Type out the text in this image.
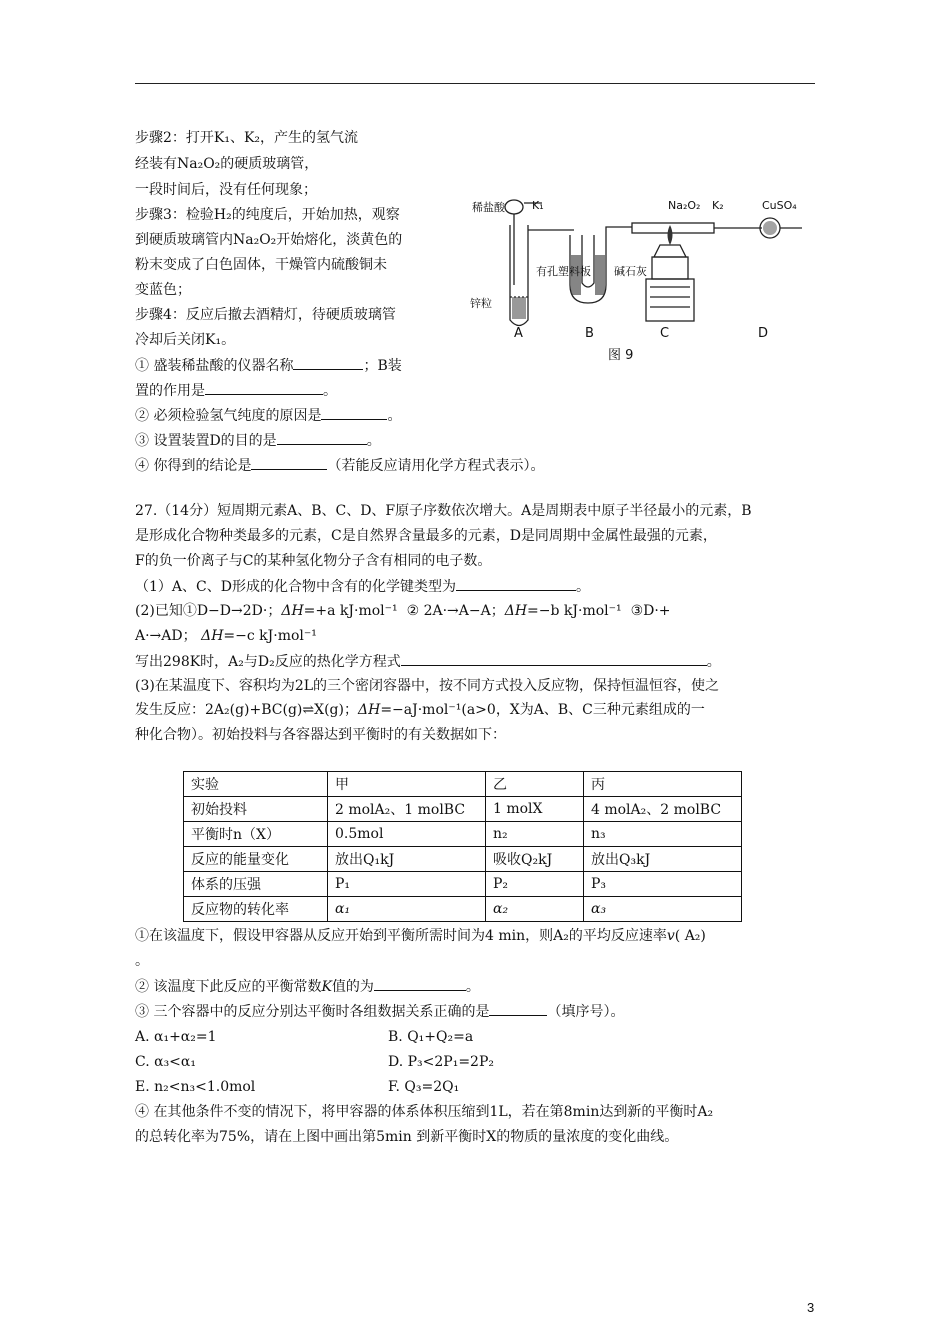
步骤2：打开K₁、K₂，产生的氢气流
经装有Na₂O₂的硬质玻璃管，
一段时间后，没有任何现象；
步骤3：检验H₂的纯度后，开始加热，观察
到硬质玻璃管内Na₂O₂开始熔化，淡黄色的
粉末变成了白色固体，干燥管内硫酸铜未
变蓝色；
步骤4：反应后撤去酒精灯，待硬质玻璃管
冷却后关闭K₁。
① 盛装稀盐酸的仪器名称	；B装
置的作用是	。
② 必须检验氢气纯度的原因是	。
③ 设置装置D的目的是	。
④ 你得到的结论是	（若能反应请用化学方程式表示）。
稀盐酸 K₁
锌粒
有孔塑料板 碱石灰
Na₂O₂ K₂	CuSO₄
A	B	C	D
图 9
27.（14分）短周期元素A、B、C、D、F原子序数依次增大。A是周期表中原子半径最小的元素，B
是形成化合物种类最多的元素，C是自然界含量最多的元素，D是同周期中金属性最强的元素，
F的负一价离子与C的某种氢化物分子含有相同的电子数。
（1）A、C、D形成的化合物中含有的化学键类型为	。
(2)已知①D−D→2D·；ΔH=+a kJ·mol⁻¹ ② 2A·→A−A；ΔH=−b kJ·mol⁻¹ ③D·+
A·→AD； ΔH=−c kJ·mol⁻¹
写出298K时，A₂与D₂反应的热化学方程式	。
(3)在某温度下、容积均为2L的三个密闭容器中，按不同方式投入反应物，保持恒温恒容，使之
发生反应：2A₂(g)+BC(g)⇌X(g)；ΔH=−aJ·mol⁻¹(a>0，X为A、B、C三种元素组成的一
种化合物）。初始投料与各容器达到平衡时的有关数据如下：
实验	甲	乙	丙
初始投料	2 molA₂、1 molBC	1 molX	4 molA₂、2 molBC
平衡时n（X）	0.5mol	n₂	n₃
反应的能量变化	放出Q₁kJ	吸收Q₂kJ	放出Q₃kJ
体系的压强	P₁	P₂	P₃
反应物的转化率	α₁	α₂	α₃
①在该温度下，假设甲容器从反应开始到平衡所需时间为4 min，则A₂的平均反应速率v( A₂)
。
② 该温度下此反应的平衡常数K值的为	。
③ 三个容器中的反应分别达平衡时各组数据关系正确的是	（填序号）。
A. α₁+α₂=1	B. Q₁+Q₂=a
C. α₃<α₁	D. P₃<2P₁=2P₂
E. n₂<n₃<1.0mol	F. Q₃=2Q₁
④ 在其他条件不变的情况下，将甲容器的体系体积压缩到1L，若在第8min达到新的平衡时A₂
的总转化率为75%，请在上图中画出第5min 到新平衡时X的物质的量浓度的变化曲线。
3
